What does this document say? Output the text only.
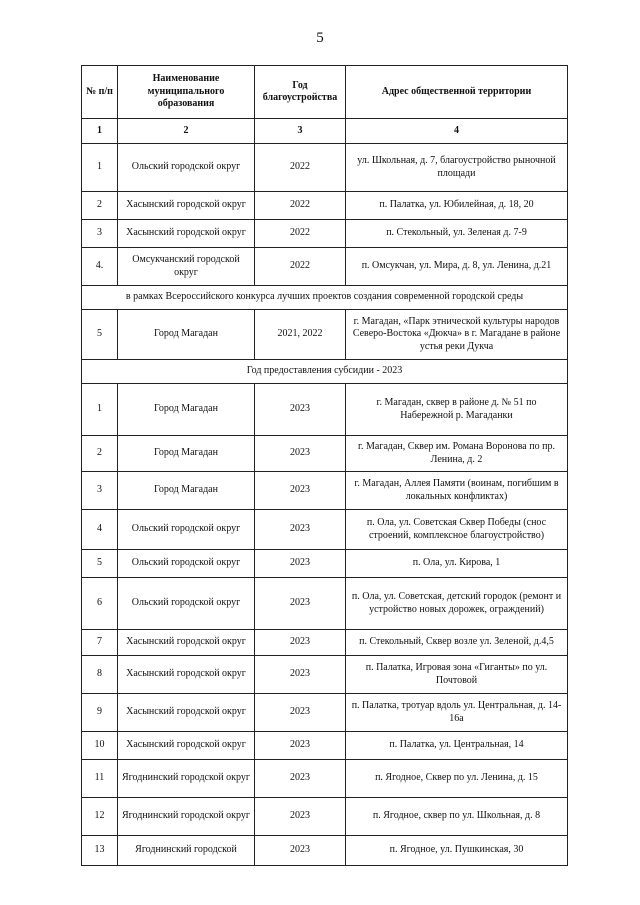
5
№ п/п	Наименование муниципального образования	Год благоустройства	Адрес общественной территории
1	2	3	4
1	Ольский городской округ	2022	ул. Школьная, д. 7, благоустройство рыночной площади
2	Хасынский городской округ	2022	п. Палатка, ул. Юбилейная, д. 18, 20
3	Хасынский городской округ	2022	п. Стекольный, ул. Зеленая д. 7-9
4.	Омсукчанский городской округ	2022	п. Омсукчан, ул. Мира, д. 8, ул. Ленина, д.21
в рамках Всероссийского конкурса лучших проектов создания современной городской среды			
5	Город Магадан	2021, 2022	г. Магадан, «Парк этнической культуры народов Северо-Востока «Дюкча» в г. Магадане в районе устья реки Дукча
Год предоставления субсидии - 2023			
1	Город Магадан	2023	г. Магадан, сквер в районе д. № 51 по Набережной р. Магаданки
2	Город Магадан	2023	г. Магадан, Сквер им. Романа Воронова по пр. Ленина, д. 2
3	Город Магадан	2023	г. Магадан, Аллея Памяти (воинам, погибшим в локальных конфликтах)
4	Ольский городской округ	2023	п. Ола, ул. Советская Сквер Победы (снос строений, комплексное благоустройство)
5	Ольский городской округ	2023	п. Ола, ул. Кирова, 1
6	Ольский городской округ	2023	п. Ола, ул. Советская, детский городок (ремонт и устройство новых дорожек, ограждений)
7	Хасынский городской округ	2023	п. Стекольный, Сквер возле ул. Зеленой, д.4,5
8	Хасынский городской округ	2023	п. Палатка, Игровая зона «Гиганты» по ул. Почтовой
9	Хасынский городской округ	2023	п. Палатка, тротуар вдоль ул. Центральная, д. 14-16а
10	Хасынский городской округ	2023	п. Палатка, ул. Центральная, 14
11	Ягоднинский городской округ	2023	п. Ягодное, Сквер по ул. Ленина, д. 15
12	Ягоднинский городской округ	2023	п. Ягодное, сквер по ул. Школьная, д. 8
13	Ягоднинский городской	2023	п. Ягодное, ул. Пушкинская, 30
